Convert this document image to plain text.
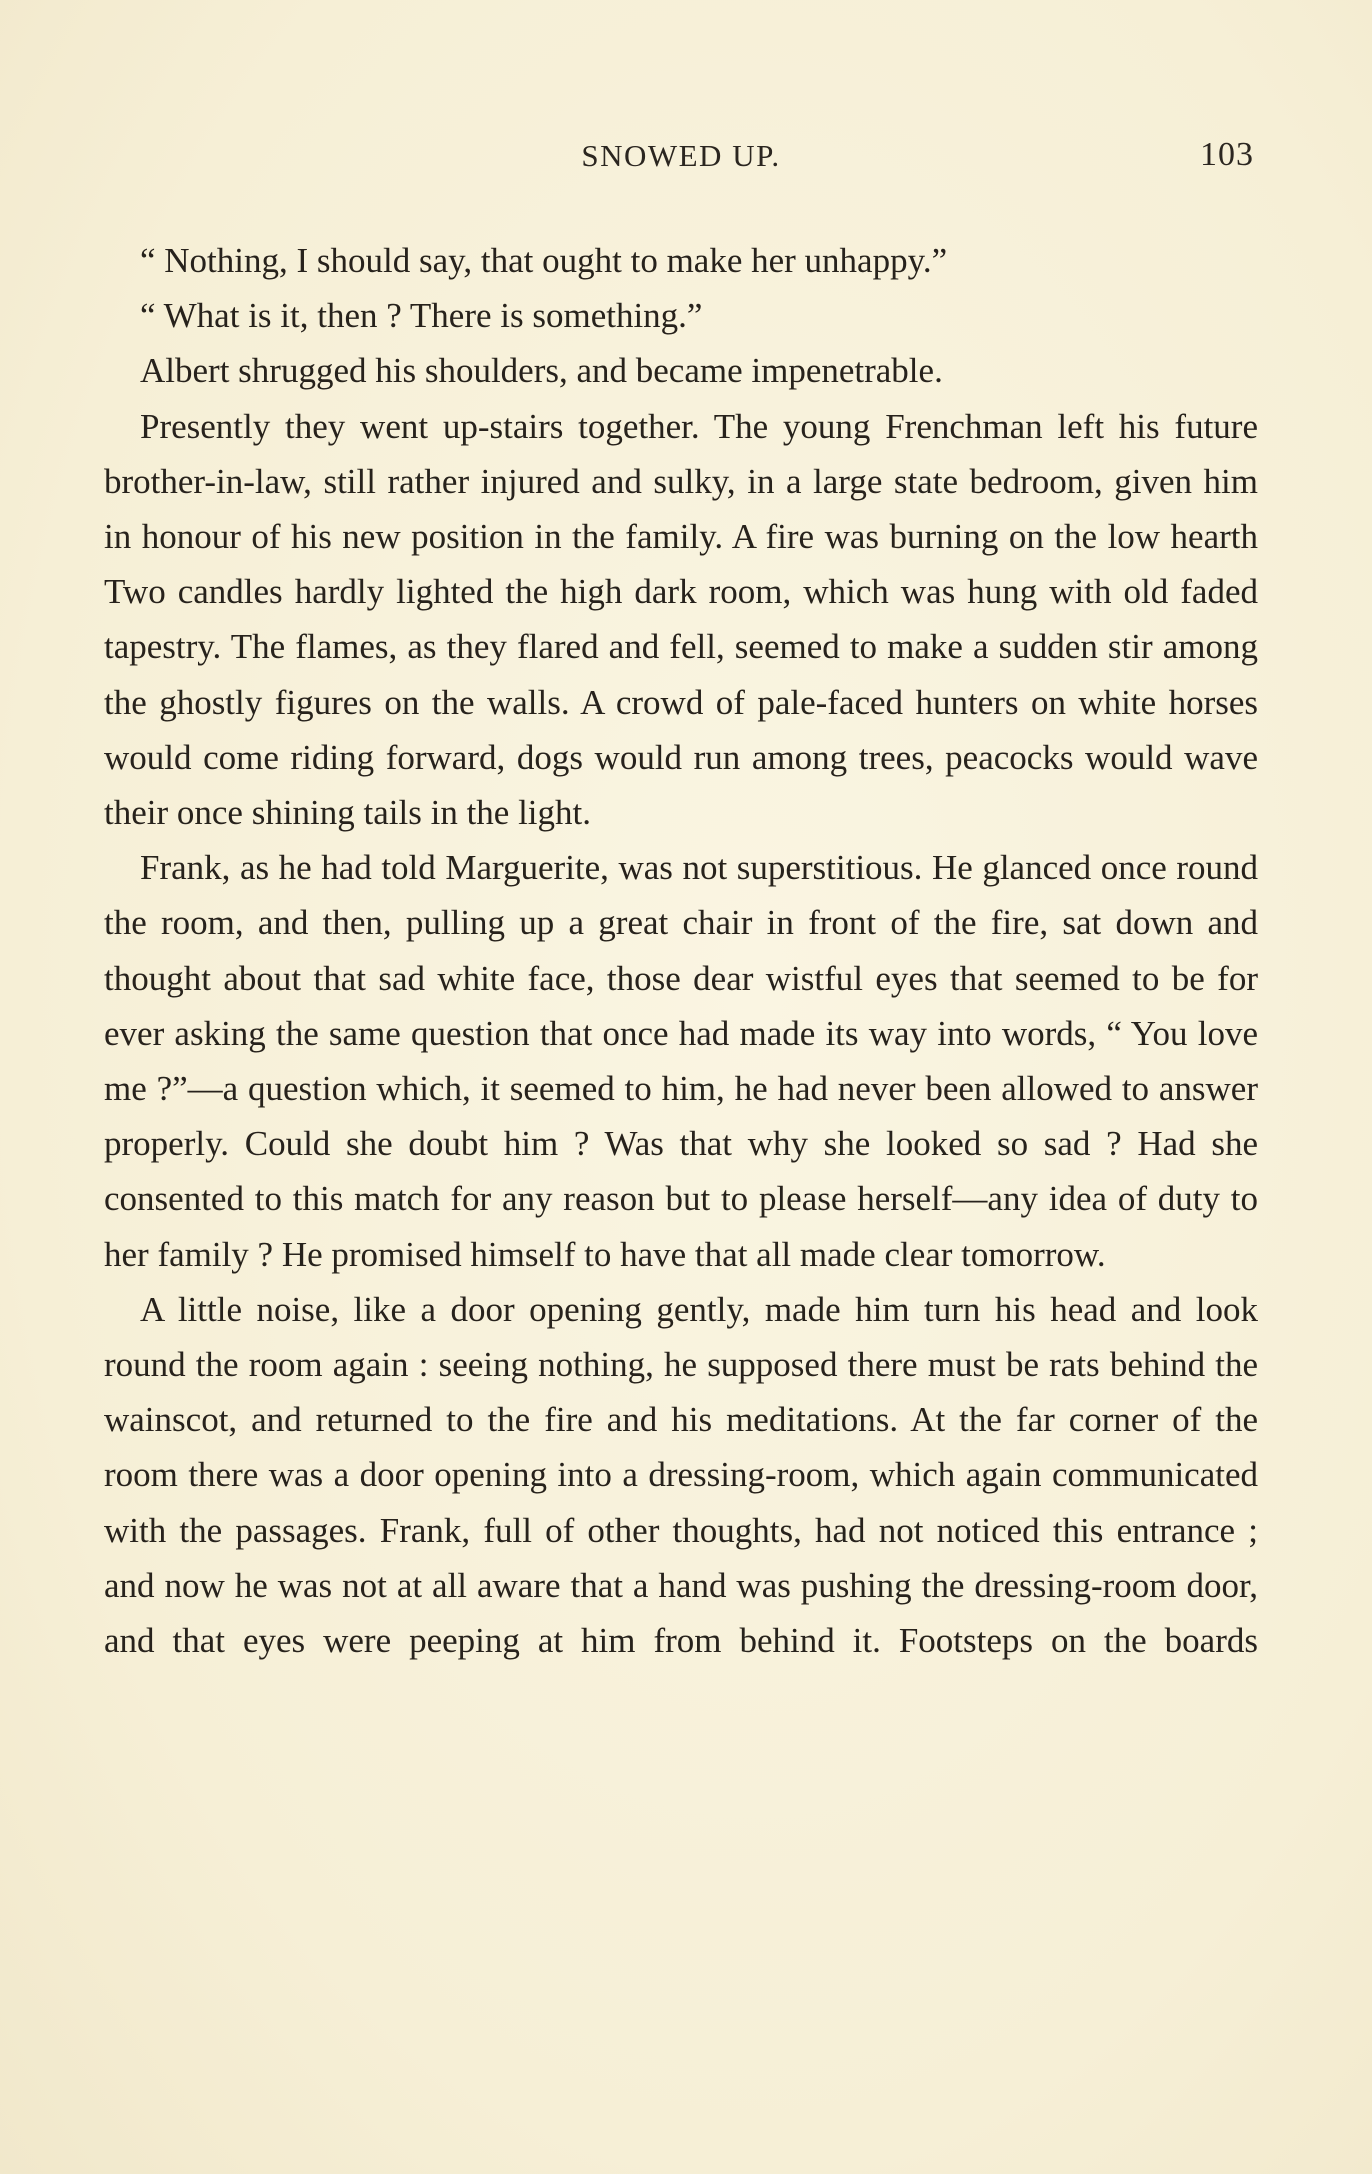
SNOWED UP.	103

“ Nothing, I should say, that ought to make her unhappy.”

“ What is it, then ? There is something.”

Albert shrugged his shoulders, and became impenetrable.

Presently they went up-stairs together. The young Frenchman left his future brother-in-law, still rather injured and sulky, in a large state bedroom, given him in honour of his new position in the family. A fire was burning on the low hearth Two candles hardly lighted the high dark room, which was hung with old faded tapestry. The flames, as they flared and fell, seemed to make a sudden stir among the ghostly figures on the walls. A crowd of pale-faced hunters on white horses would come riding forward, dogs would run among trees, peacocks would wave their once shining tails in the light.

Frank, as he had told Marguerite, was not superstitious. He glanced once round the room, and then, pulling up a great chair in front of the fire, sat down and thought about that sad white face, those dear wistful eyes that seemed to be for ever asking the same question that once had made its way into words, “ You love me ?”—a question which, it seemed to him, he had never been allowed to answer properly. Could she doubt him ? Was that why she looked so sad ? Had she consented to this match for any reason but to please herself—any idea of duty to her family ? He promised himself to have that all made clear tomorrow.

A little noise, like a door opening gently, made him turn his head and look round the room again : seeing nothing, he supposed there must be rats behind the wainscot, and returned to the fire and his meditations. At the far corner of the room there was a door opening into a dressing-room, which again communicated with the passages. Frank, full of other thoughts, had not noticed this entrance ; and now he was not at all aware that a hand was pushing the dressing-room door, and that eyes were peeping at him from behind it. Footsteps on the boards
